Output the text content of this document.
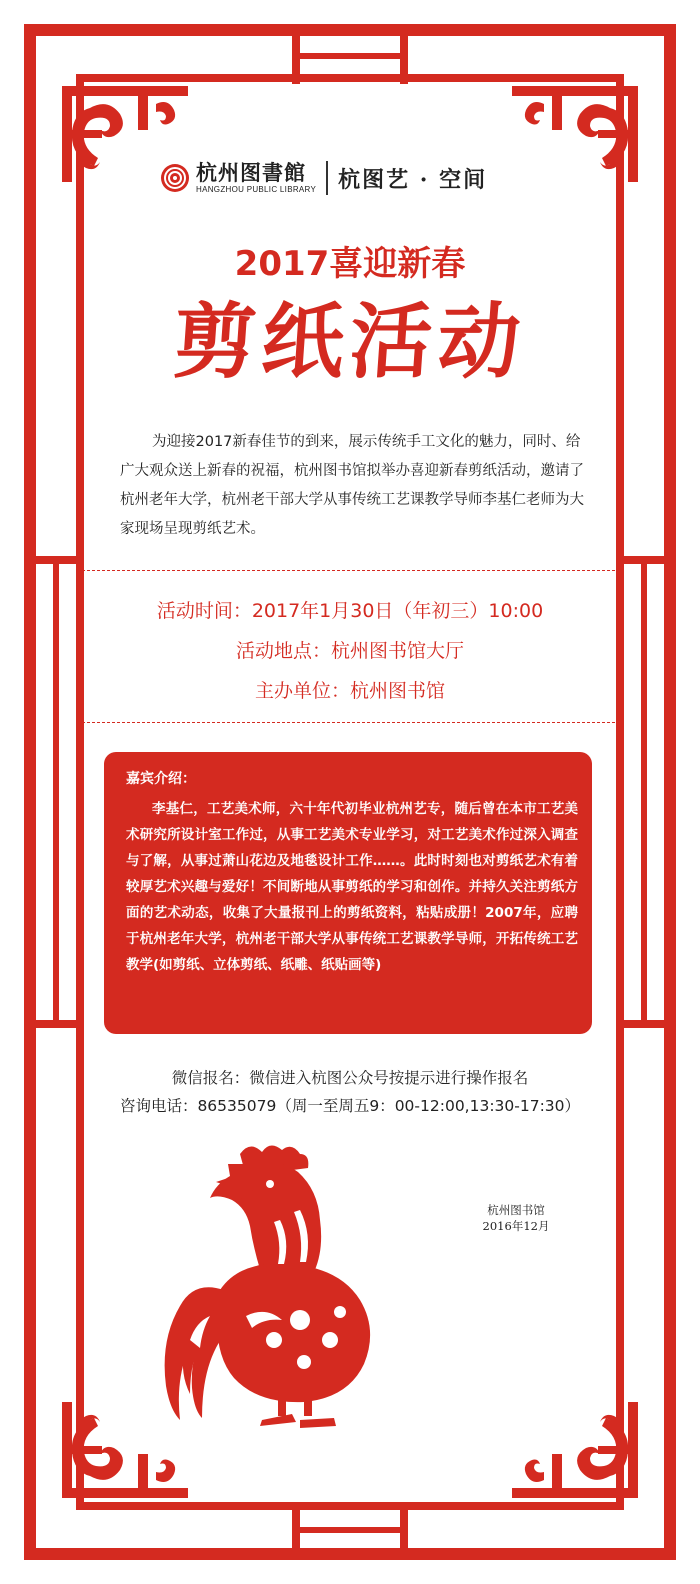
杭州图書館
HANGZHOU PUBLIC LIBRARY 杭图艺 · 空间
2017喜迎新春
剪纸活动

为迎接2017新春佳节的到来，展示传统手工文化的魅力，同时、给广大观众送上新春的祝福，杭州图书馆拟举办喜迎新春剪纸活动，邀请了杭州老年大学，杭州老干部大学从事传统工艺课教学导师李基仁老师为大家现场呈现剪纸艺术。

活动时间：2017年1月30日（年初三）10:00
活动地点：杭州图书馆大厅
主办单位：杭州图书馆
嘉宾介绍：

李基仁，工艺美术师，六十年代初毕业杭州艺专，随后曾在本市工艺美术研究所设计室工作过，从事工艺美术专业学习，对工艺美术作过深入调查与了解，从事过萧山花边及地毯设计工作……。此时时刻也对剪纸艺术有着较厚艺术兴趣与爱好！不间断地从事剪纸的学习和创作。并持久关注剪纸方面的艺术动态，收集了大量报刊上的剪纸资料，粘贴成册！2007年，应聘于杭州老年大学，杭州老干部大学从事传统工艺课教学导师，开拓传统工艺教学(如剪纸、立体剪纸、纸雕、纸贴画等)

微信报名：微信进入杭图公众号按提示进行操作报名
咨询电话：86535079（周一至周五9：00-12:00,13:30-17:30）
杭州图书馆
2016年12月
